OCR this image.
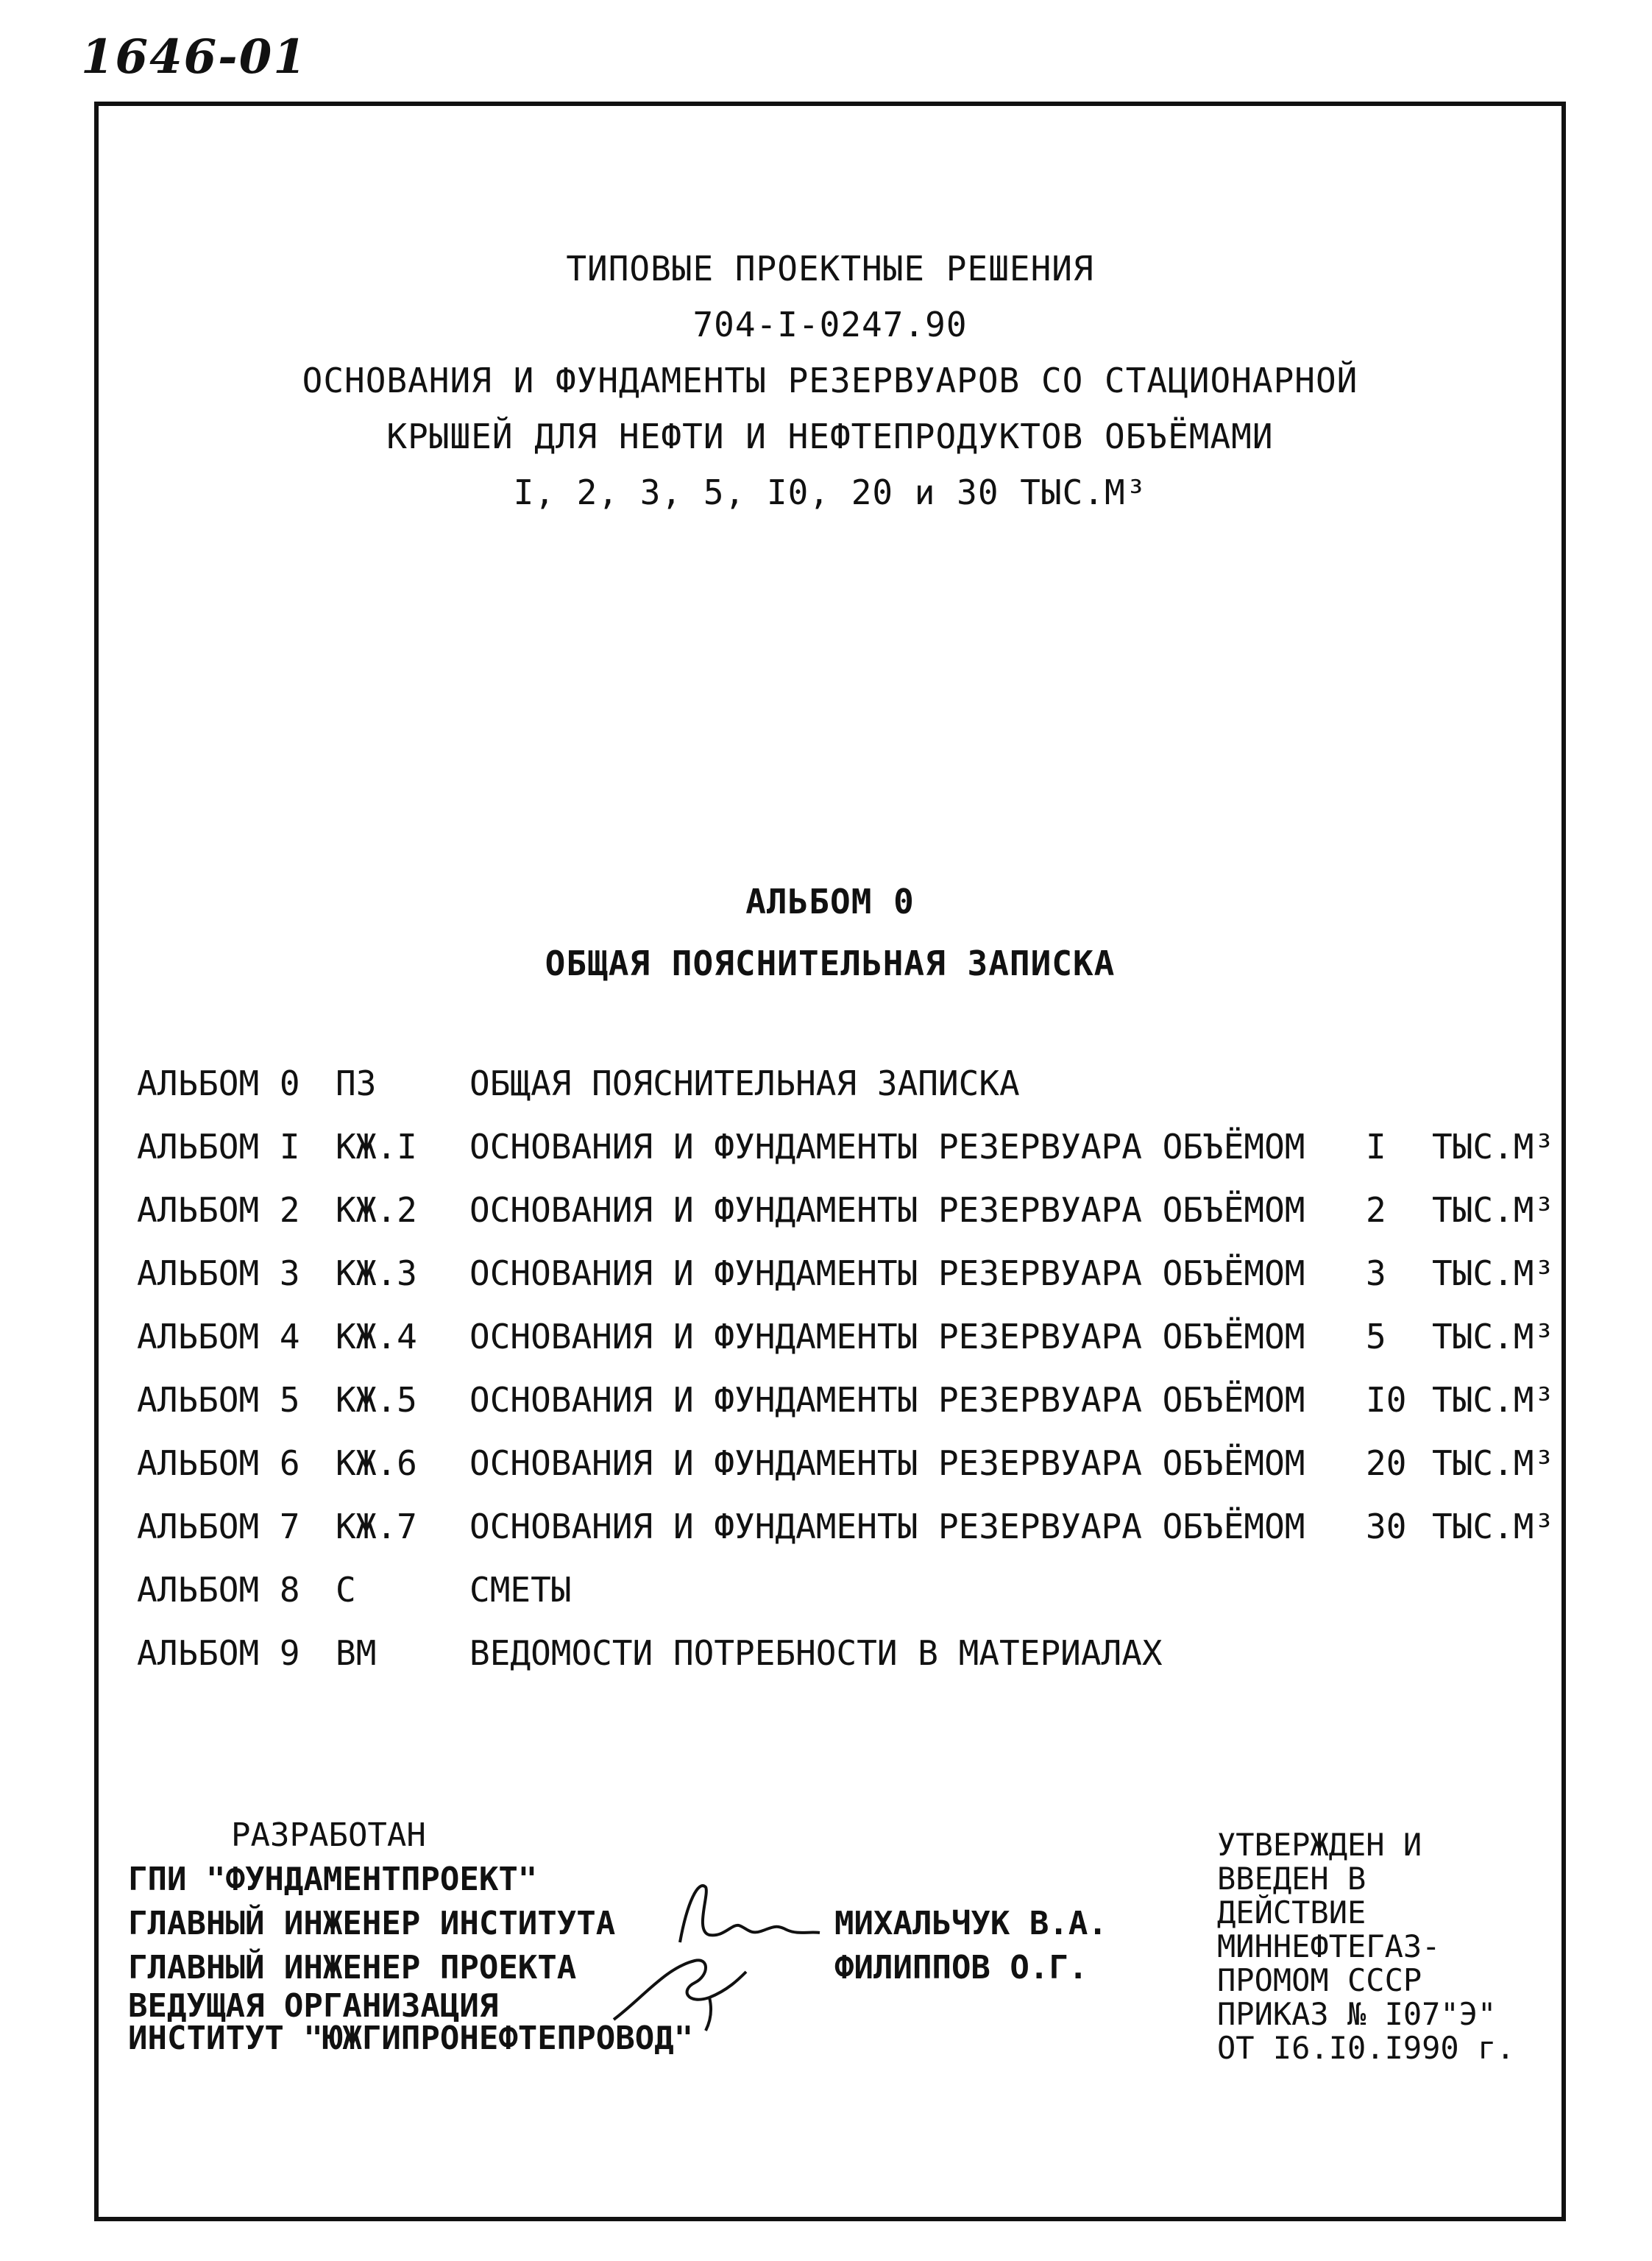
1646-01
ТИПОВЫЕ ПРОЕКТНЫЕ РЕШЕНИЯ
704-I-0247.90
ОСНОВАНИЯ И ФУНДАМЕНТЫ РЕЗЕРВУАРОВ СО СТАЦИОНАРНОЙ
КРЫШЕЙ ДЛЯ НЕФТИ И НЕФТЕПРОДУКТОВ ОБЪЁМАМИ
I, 2, 3, 5, I0, 20 и 30 ТЫС.М³
АЛЬБОМ 0
ОБЩАЯ ПОЯСНИТЕЛЬНАЯ ЗАПИСКА
АЛЬБОМ 0 ПЗ	ОБЩАЯ ПОЯСНИТЕЛЬНАЯ ЗАПИСКА
АЛЬБОМ I КЖ.I ОСНОВАНИЯ И ФУНДАМЕНТЫ РЕЗЕРВУАРА ОБЪЁМОМ I ТЫС.М³
АЛЬБОМ 2 КЖ.2 ОСНОВАНИЯ И ФУНДАМЕНТЫ РЕЗЕРВУАРА ОБЪЁМОМ 2 ТЫС.М³
АЛЬБОМ 3 КЖ.3 ОСНОВАНИЯ И ФУНДАМЕНТЫ РЕЗЕРВУАРА ОБЪЁМОМ 3 ТЫС.М³
АЛЬБОМ 4 КЖ.4 ОСНОВАНИЯ И ФУНДАМЕНТЫ РЕЗЕРВУАРА ОБЪЁМОМ 5 ТЫС.М³
АЛЬБОМ 5 КЖ.5 ОСНОВАНИЯ И ФУНДАМЕНТЫ РЕЗЕРВУАРА ОБЪЁМОМ I0 ТЫС.М³
АЛЬБОМ 6 КЖ.6 ОСНОВАНИЯ И ФУНДАМЕНТЫ РЕЗЕРВУАРА ОБЪЁМОМ 20 ТЫС.М³
АЛЬБОМ 7 КЖ.7 ОСНОВАНИЯ И ФУНДАМЕНТЫ РЕЗЕРВУАРА ОБЪЁМОМ 30 ТЫС.М³
АЛЬБОМ 8 С	СМЕТЫ
АЛЬБОМ 9 ВМ	ВЕДОМОСТИ ПОТРЕБНОСТИ В МАТЕРИАЛАХ
РАЗРАБОТАН
ГПИ "ФУНДАМЕНТПРОЕКТ"
ГЛАВНЫЙ ИНЖЕНЕР ИНСТИТУТА	МИХАЛЬЧУК В.А.
ГЛАВНЫЙ ИНЖЕНЕР ПРОЕКТА	ФИЛИППОВ О.Г.
ВЕДУЩАЯ ОРГАНИЗАЦИЯ
ИНСТИТУТ "ЮЖГИПРОНЕФТЕПРОВОД"
УТВЕРЖДЕН И
ВВЕДЕН В
ДЕЙСТВИЕ
МИННЕФТЕГАЗ-
ПРОМОМ СССР
ПРИКАЗ № I07"Э"
ОТ I6.I0.I990 г.
